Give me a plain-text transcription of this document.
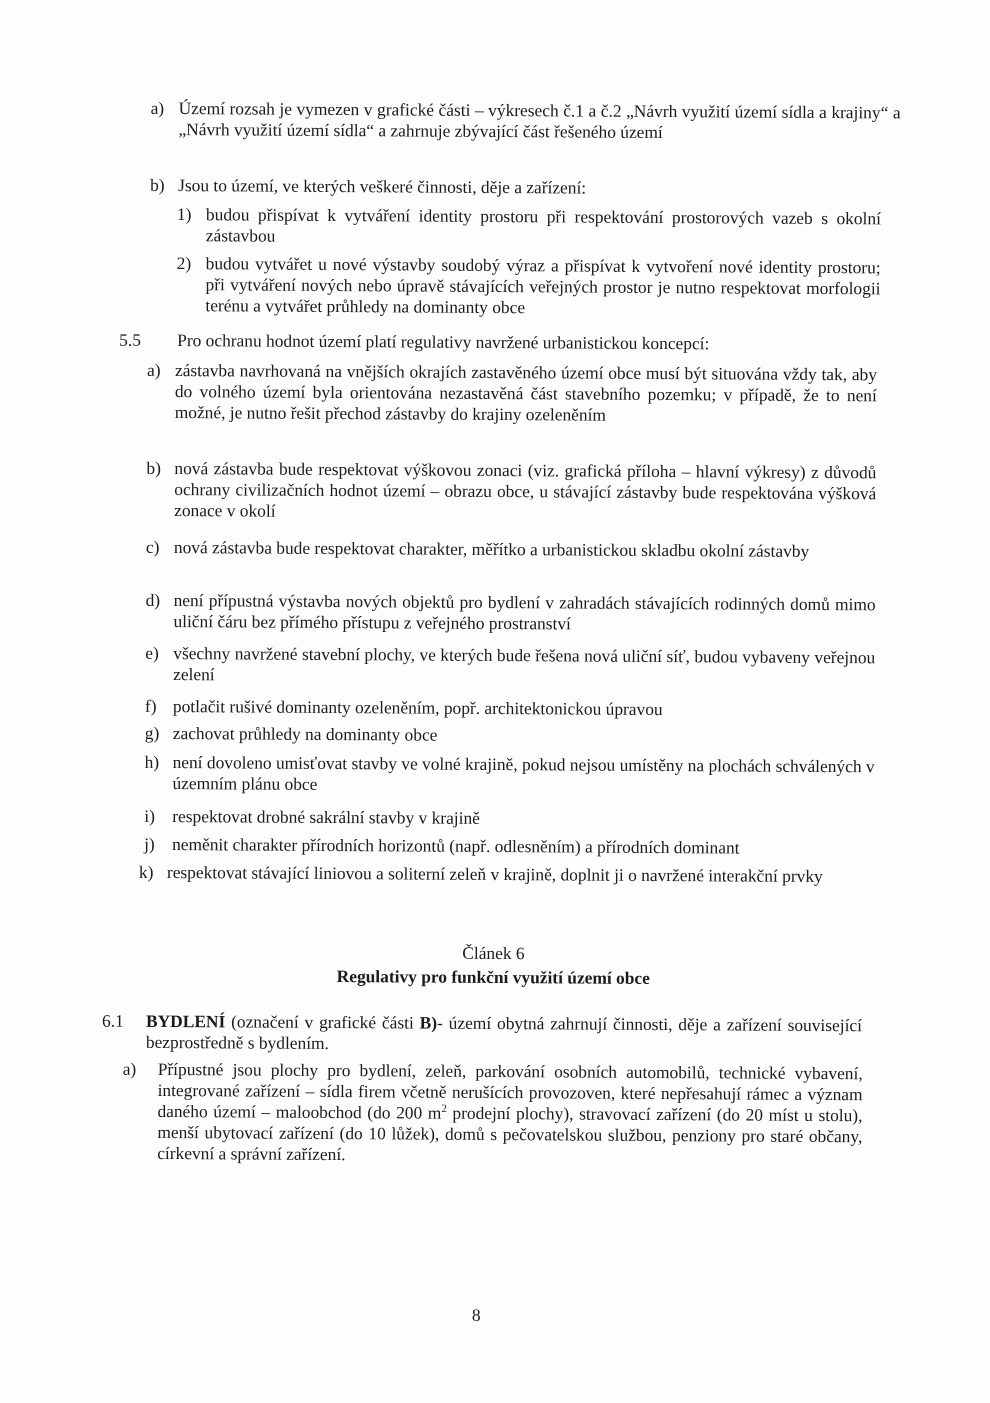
a) Území rozsah je vymezen v grafické části – výkresech č.1 a č.2 „Návrh využití území sídla a krajiny“ a „Návrh využití území sídla“ a zahrnuje zbývající část řešeného území
b) Jsou to území, ve kterých veškeré činnosti, děje a zařízení:
1) budou přispívat k vytváření identity prostoru při respektování prostorových vazeb s okolní zástavbou
2) budou vytvářet u nové výstavby soudobý výraz a přispívat k vytvoření nové identity prostoru; při vytváření nových nebo úpravě stávajících veřejných prostor je nutno respektovat morfologii terénu a vytvářet průhledy na dominanty obce
5.5 Pro ochranu hodnot území platí regulativy navržené urbanistickou koncepcí:
a) zástavba navrhovaná na vnějších okrajích zastavěného území obce musí být situována vždy tak, aby do volného území byla orientována nezastavěná část stavebního pozemku; v případě, že to není možné, je nutno řešit přechod zástavby do krajiny ozeleněním
b) nová zástavba bude respektovat výškovou zonaci (viz. grafická příloha – hlavní výkresy) z důvodů ochrany civilizačních hodnot území – obrazu obce, u stávající zástavby bude respektována výšková zonace v okolí
c) nová zástavba bude respektovat charakter, měřítko a urbanistickou skladbu okolní zástavby
d) není přípustná výstavba nových objektů pro bydlení v zahradách stávajících rodinných domů mimo uliční čáru bez přímého přístupu z veřejného prostranství
e) všechny navržené stavební plochy, ve kterých bude řešena nová uliční síť, budou vybaveny veřejnou zelení
f) potlačit rušivé dominanty ozeleněním, popř. architektonickou úpravou
g) zachovat průhledy na dominanty obce
h) není dovoleno umisťovat stavby ve volné krajině, pokud nejsou umístěny na plochách schválených v územním plánu obce
i) respektovat drobné sakrální stavby v krajině
j) neměnit charakter přírodních horizontů (např. odlesněním) a přírodních dominant
k) respektovat stávající liniovou a soliterní zeleň v krajině, doplnit ji o navržené interakční prvky
Článek 6
Regulativy pro funkční využití území obce
6.1 BYDLENÍ (označení v grafické části B)- území obytná zahrnují činnosti, děje a zařízení související bezprostředně s bydlením.
a) Přípustné jsou plochy pro bydlení, zeleň, parkování osobních automobilů, technické vybavení, integrované zařízení – sídla firem včetně nerušících provozoven, které nepřesahují rámec a význam daného území – maloobchod (do 200 $m^2$ prodejní plochy), stravovací zařízení (do 20 míst u stolu), menší ubytovací zařízení (do 10 lůžek), domů s pečovatelskou službou, penziony pro staré občany, církevní a správní zařízení.
8
